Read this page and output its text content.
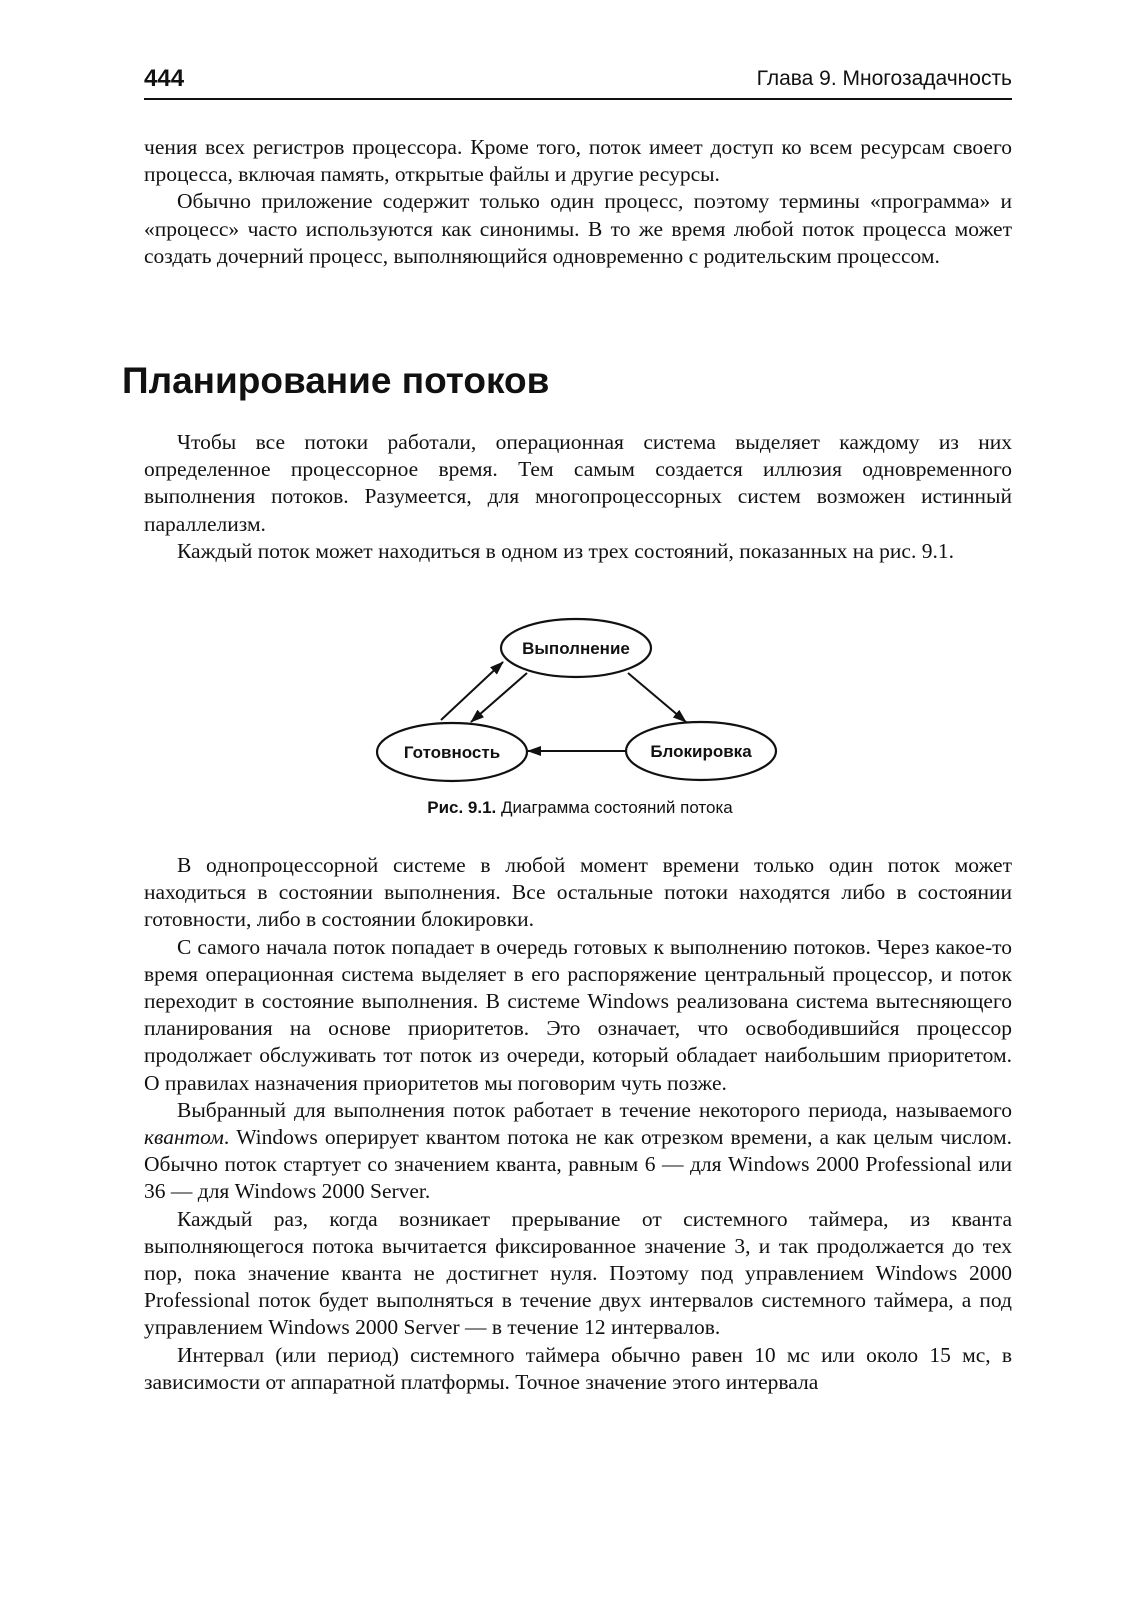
444	Глава 9. Многозадачность

чения всех регистров процессора. Кроме того, поток имеет доступ ко всем ресурсам своего процесса, включая память, открытые файлы и другие ресурсы.

Обычно приложение содержит только один процесс, поэтому термины «программа» и «процесс» часто используются как синонимы. В то же время любой поток процесса может создать дочерний процесс, выполняющийся одновременно с родительским процессом.

Планирование потоков

Чтобы все потоки работали, операционная система выделяет каждому из них определенное процессорное время. Тем самым создается иллюзия одновременного выполнения потоков. Разумеется, для многопроцессорных систем возможен истинный параллелизм.

Каждый поток может находиться в одном из трех состояний, показанных на рис. 9.1.

Выполнение
Готовность	Блокировка
Рис. 9.1. Диаграмма состояний потока

В однопроцессорной системе в любой момент времени только один поток может находиться в состоянии выполнения. Все остальные потоки находятся либо в состоянии готовности, либо в состоянии блокировки.

С самого начала поток попадает в очередь готовых к выполнению потоков. Через какое-то время операционная система выделяет в его распоряжение центральный процессор, и поток переходит в состояние выполнения. В системе Windows реализована система вытесняющего планирования на основе приоритетов. Это означает, что освободившийся процессор продолжает обслуживать тот поток из очереди, который обладает наибольшим приоритетом. О правилах назначения приоритетов мы поговорим чуть позже.

Выбранный для выполнения поток работает в течение некоторого периода, называемого квантом. Windows оперирует квантом потока не как отрезком времени, а как целым числом. Обычно поток стартует со значением кванта, равным 6 — для Windows 2000 Professional или 36 — для Windows 2000 Server.

Каждый раз, когда возникает прерывание от системного таймера, из кванта выполняющегося потока вычитается фиксированное значение 3, и так продолжается до тех пор, пока значение кванта не достигнет нуля. Поэтому под управлением Windows 2000 Professional поток будет выполняться в течение двух интервалов системного таймера, а под управлением Windows 2000 Server — в течение 12 интервалов.

Интервал (или период) системного таймера обычно равен 10 мс или около 15 мс, в зависимости от аппаратной платформы. Точное значение этого интервала
